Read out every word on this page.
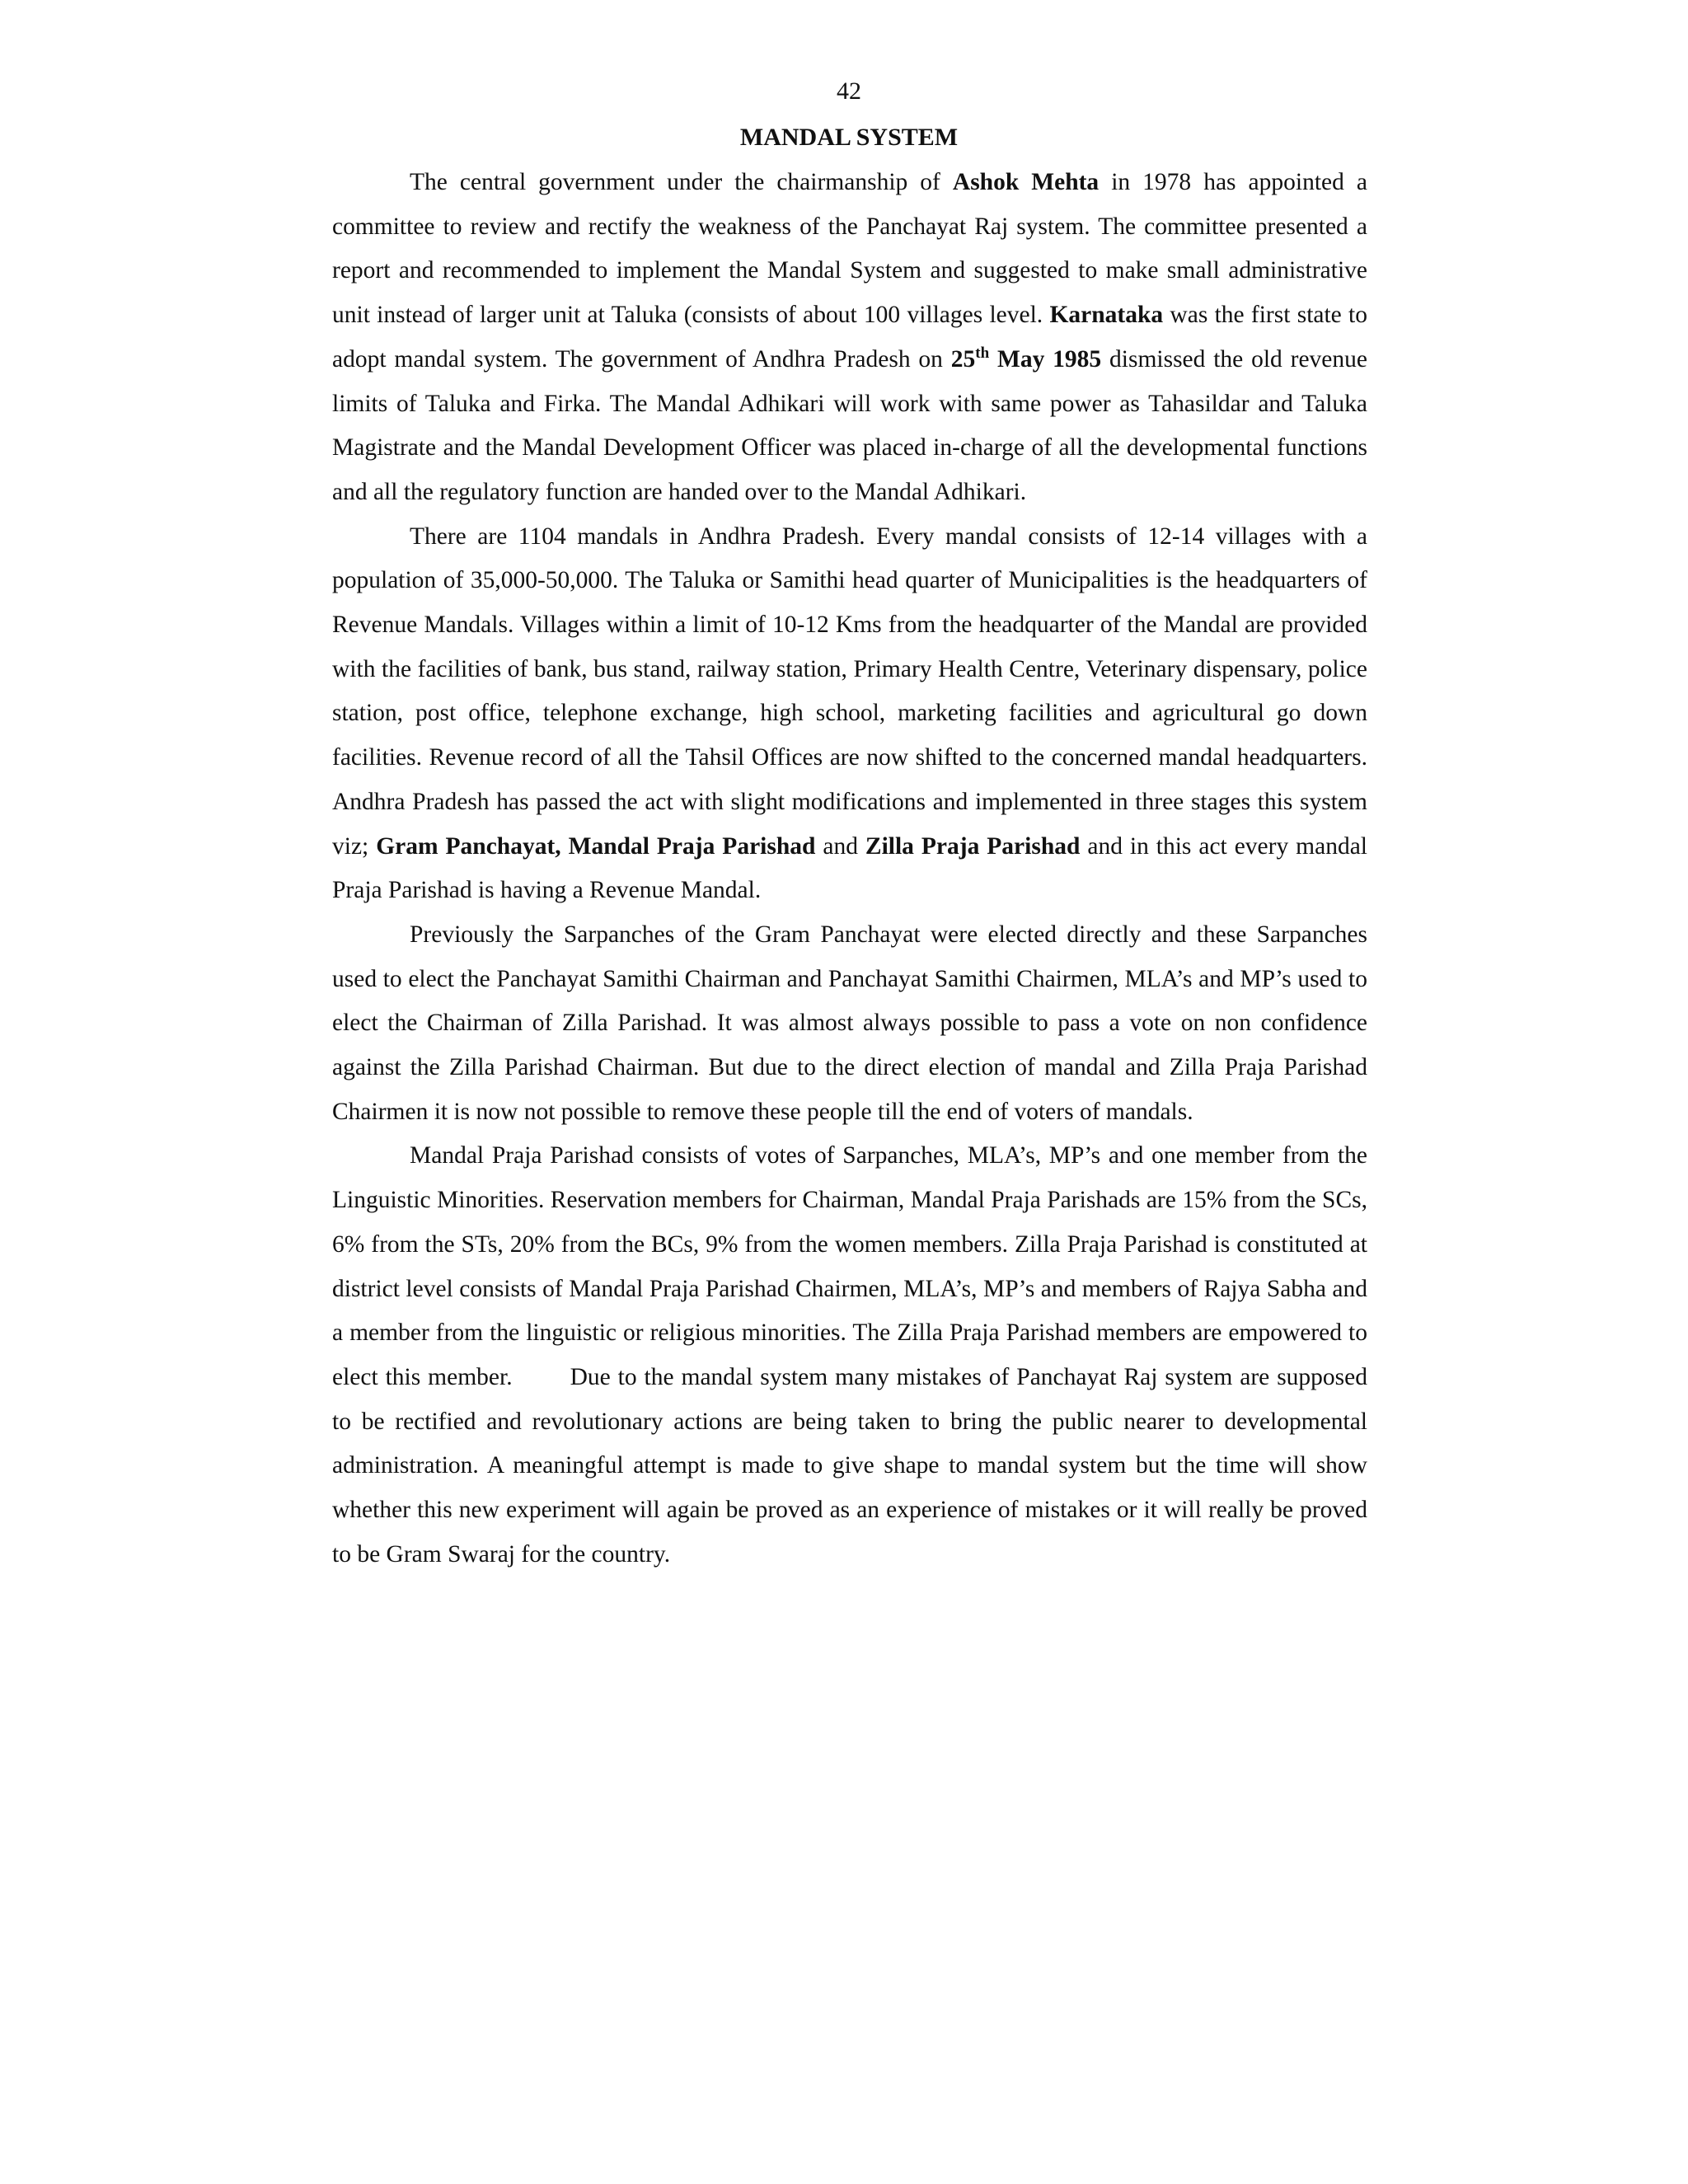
42
MANDAL SYSTEM

The central government under the chairmanship of Ashok Mehta in 1978 has appointed a committee to review and rectify the weakness of the Panchayat Raj system. The committee presented a report and recommended to implement the Mandal System and suggested to make small administrative unit instead of larger unit at Taluka (consists of about 100 villages level. Karnataka was the first state to adopt mandal system. The government of Andhra Pradesh on 25th May 1985 dismissed the old revenue limits of Taluka and Firka. The Mandal Adhikari will work with same power as Tahasildar and Taluka Magistrate and the Mandal Development Officer was placed in-charge of all the developmental functions and all the regulatory function are handed over to the Mandal Adhikari.

There are 1104 mandals in Andhra Pradesh. Every mandal consists of 12-14 villages with a population of 35,000-50,000. The Taluka or Samithi head quarter of Municipalities is the headquarters of Revenue Mandals. Villages within a limit of 10-12 Kms from the headquarter of the Mandal are provided with the facilities of bank, bus stand, railway station, Primary Health Centre, Veterinary dispensary, police station, post office, telephone exchange, high school, marketing facilities and agricultural go down facilities. Revenue record of all the Tahsil Offices are now shifted to the concerned mandal headquarters. Andhra Pradesh has passed the act with slight modifications and implemented in three stages this system viz; Gram Panchayat, Mandal Praja Parishad and Zilla Praja Parishad and in this act every mandal Praja Parishad is having a Revenue Mandal.

Previously the Sarpanches of the Gram Panchayat were elected directly and these Sarpanches used to elect the Panchayat Samithi Chairman and Panchayat Samithi Chairmen, MLA’s and MP’s used to elect the Chairman of Zilla Parishad. It was almost always possible to pass a vote on non confidence against the Zilla Parishad Chairman. But due to the direct election of mandal and Zilla Praja Parishad Chairmen it is now not possible to remove these people till the end of voters of mandals.

Mandal Praja Parishad consists of votes of Sarpanches, MLA’s, MP’s and one member from the Linguistic Minorities. Reservation members for Chairman, Mandal Praja Parishads are 15% from the SCs, 6% from the STs, 20% from the BCs, 9% from the women members. Zilla Praja Parishad is constituted at district level consists of Mandal Praja Parishad Chairmen, MLA’s, MP’s and members of Rajya Sabha and a member from the linguistic or religious minorities. The Zilla Praja Parishad members are empowered to elect this member. Due to the mandal system many mistakes of Panchayat Raj system are supposed to be rectified and revolutionary actions are being taken to bring the public nearer to developmental administration. A meaningful attempt is made to give shape to mandal system but the time will show whether this new experiment will again be proved as an experience of mistakes or it will really be proved to be Gram Swaraj for the country.
